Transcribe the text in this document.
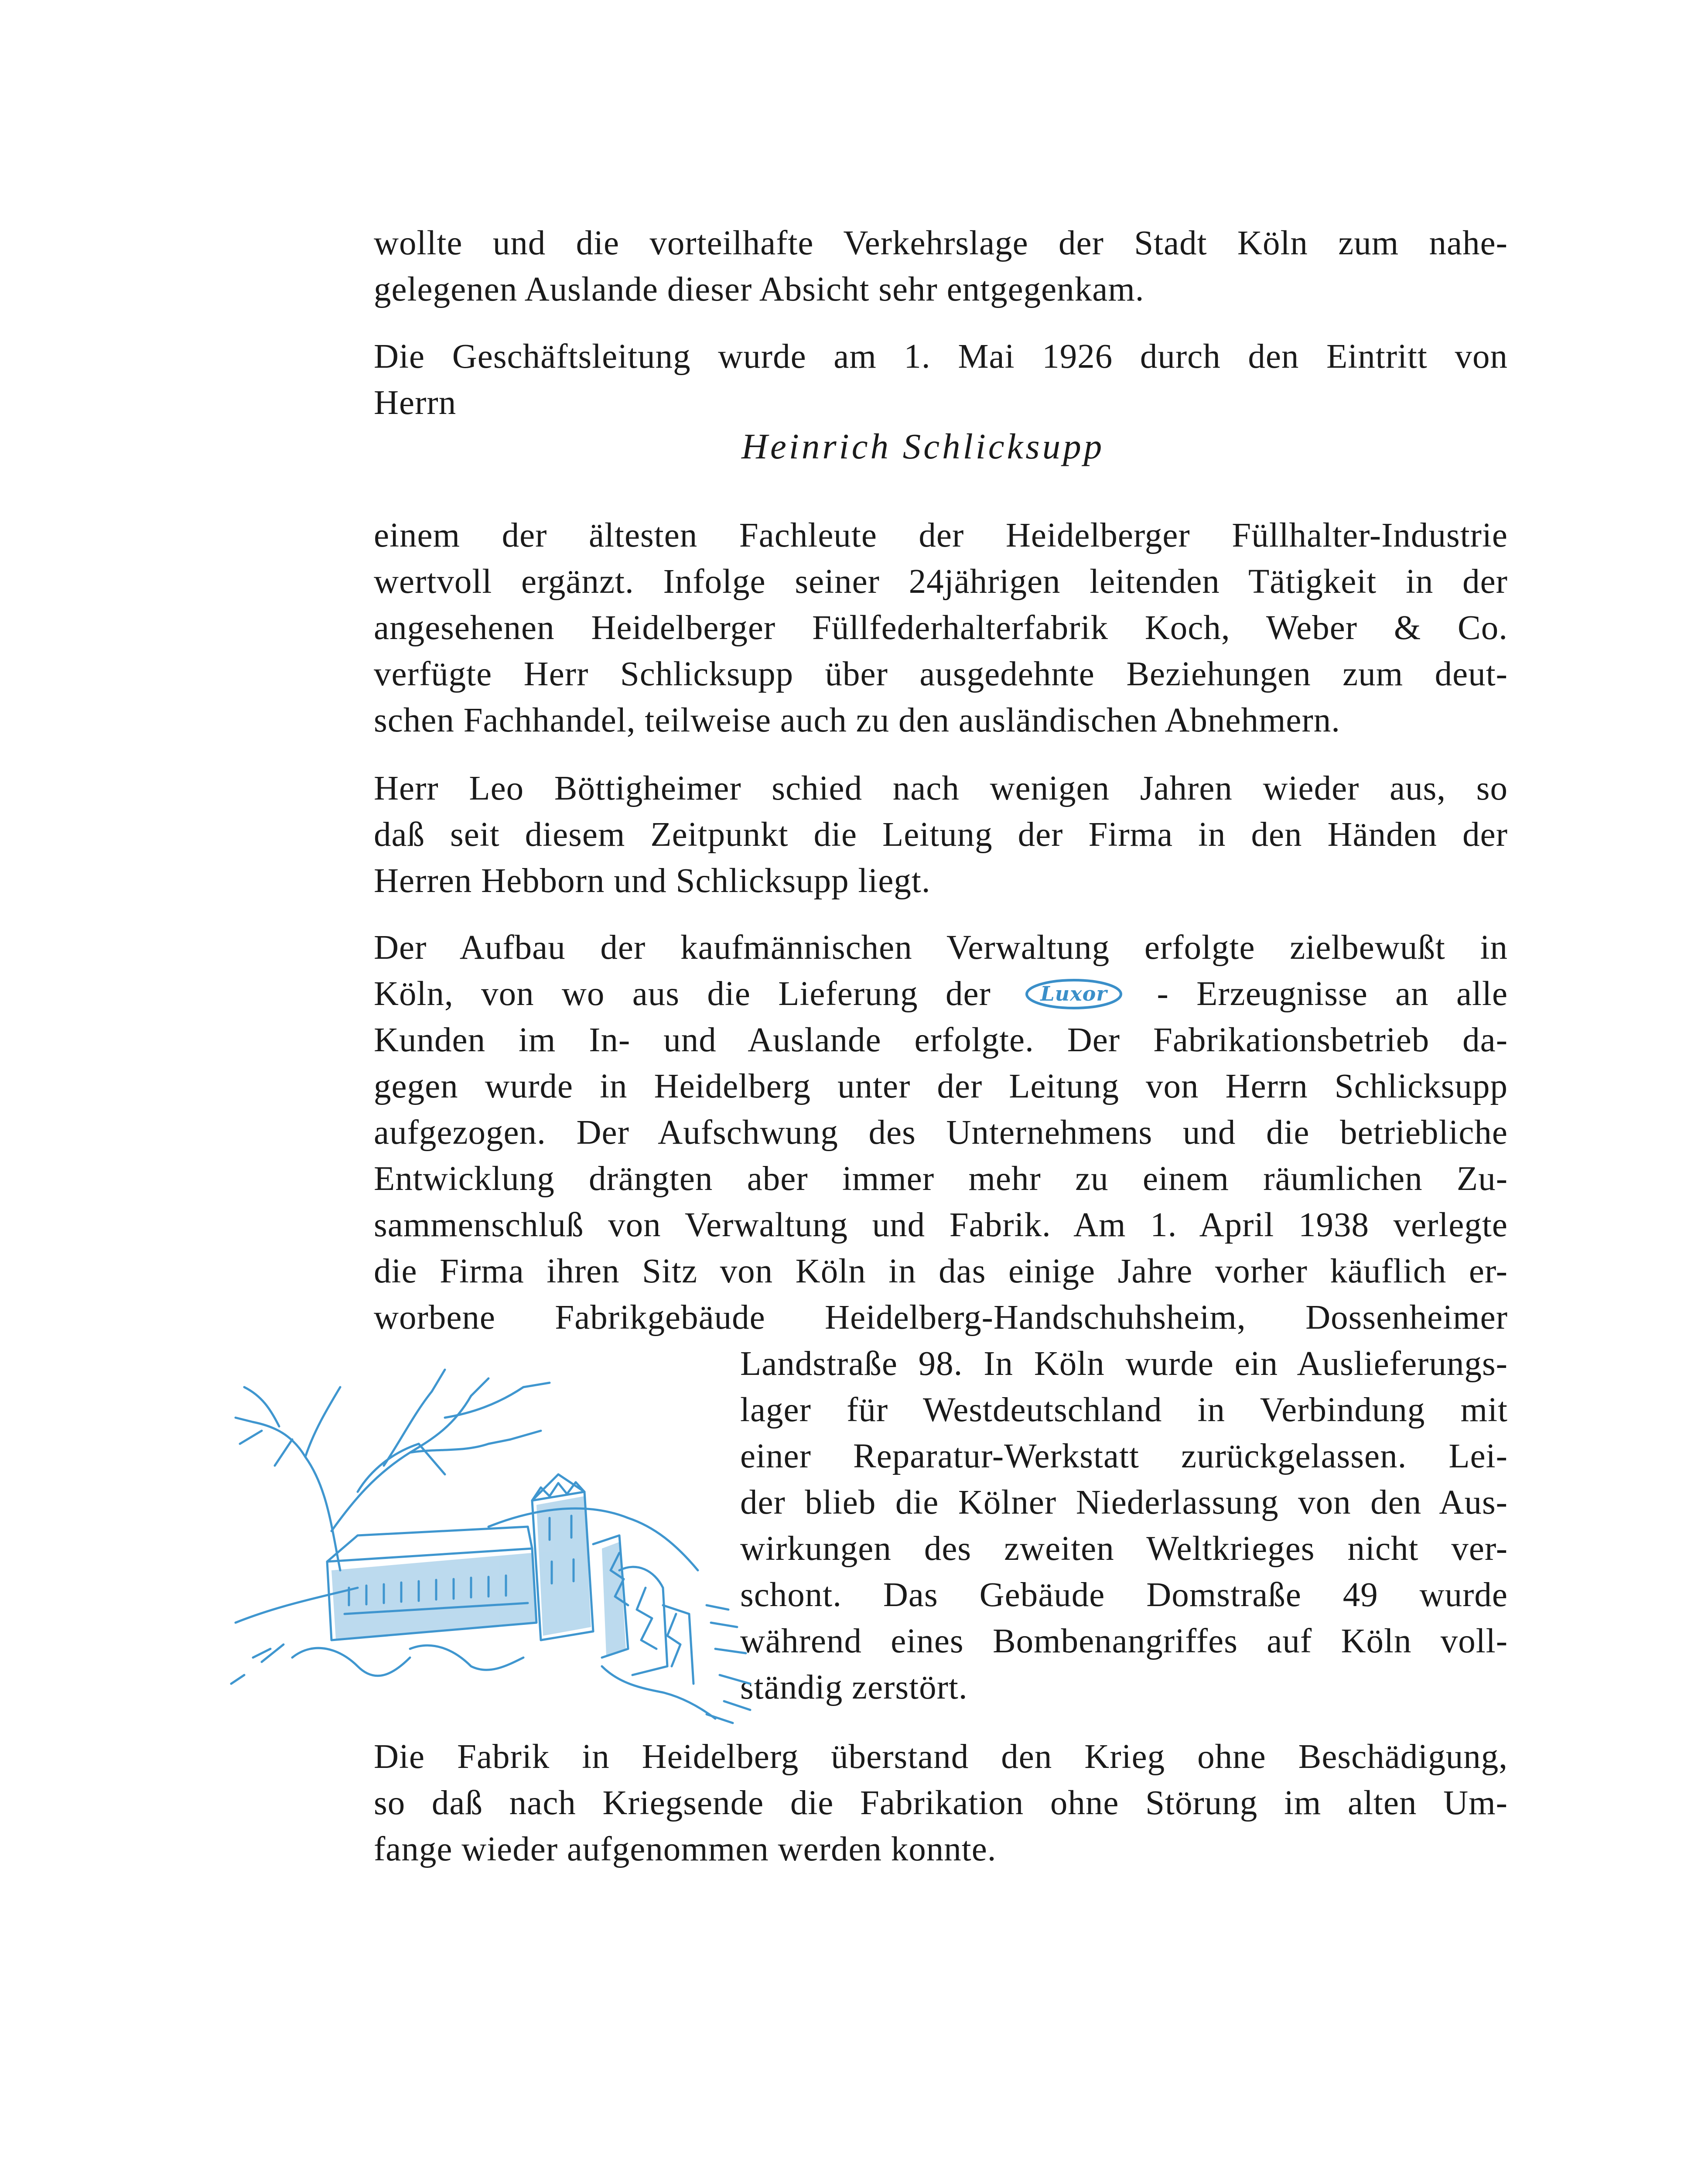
wollte und die vorteilhafte Verkehrslage der Stadt Köln zum nahe-
gelegenen Auslande dieser Absicht sehr entgegenkam.
Die Geschäftsleitung wurde am 1. Mai 1926 durch den Eintritt von
Herrn
Heinrich Schlicksupp
einem der ältesten Fachleute der Heidelberger Füllhalter-Industrie
wertvoll ergänzt. Infolge seiner 24jährigen leitenden Tätigkeit in der
angesehenen Heidelberger Füllfederhalterfabrik Koch, Weber & Co.
verfügte Herr Schlicksupp über ausgedehnte Beziehungen zum deut-
schen Fachhandel, teilweise auch zu den ausländischen Abnehmern.
Herr Leo Böttigheimer schied nach wenigen Jahren wieder aus, so
daß seit diesem Zeitpunkt die Leitung der Firma in den Händen der
Herren Hebborn und Schlicksupp liegt.
Der Aufbau der kaufmännischen Verwaltung erfolgte zielbewußt in
Köln, von wo aus die Lieferung der Luxor - Erzeugnisse an alle
Kunden im In- und Auslande erfolgte. Der Fabrikationsbetrieb da-
gegen wurde in Heidelberg unter der Leitung von Herrn Schlicksupp
aufgezogen. Der Aufschwung des Unternehmens und die betriebliche
Entwicklung drängten aber immer mehr zu einem räumlichen Zu-
sammenschluß von Verwaltung und Fabrik. Am 1. April 1938 verlegte
die Firma ihren Sitz von Köln in das einige Jahre vorher käuflich er-
worbene Fabrikgebäude Heidelberg-Handschuhsheim, Dossenheimer
Landstraße 98. In Köln wurde ein Auslieferungs-
lager für Westdeutschland in Verbindung mit
einer Reparatur-Werkstatt zurückgelassen. Lei-
der blieb die Kölner Niederlassung von den Aus-
wirkungen des zweiten Weltkrieges nicht ver-
schont. Das Gebäude Domstraße 49 wurde
während eines Bombenangriffes auf Köln voll-
ständig zerstört.
Die Fabrik in Heidelberg überstand den Krieg ohne Beschädigung,
so daß nach Kriegsende die Fabrikation ohne Störung im alten Um-
fange wieder aufgenommen werden konnte.
